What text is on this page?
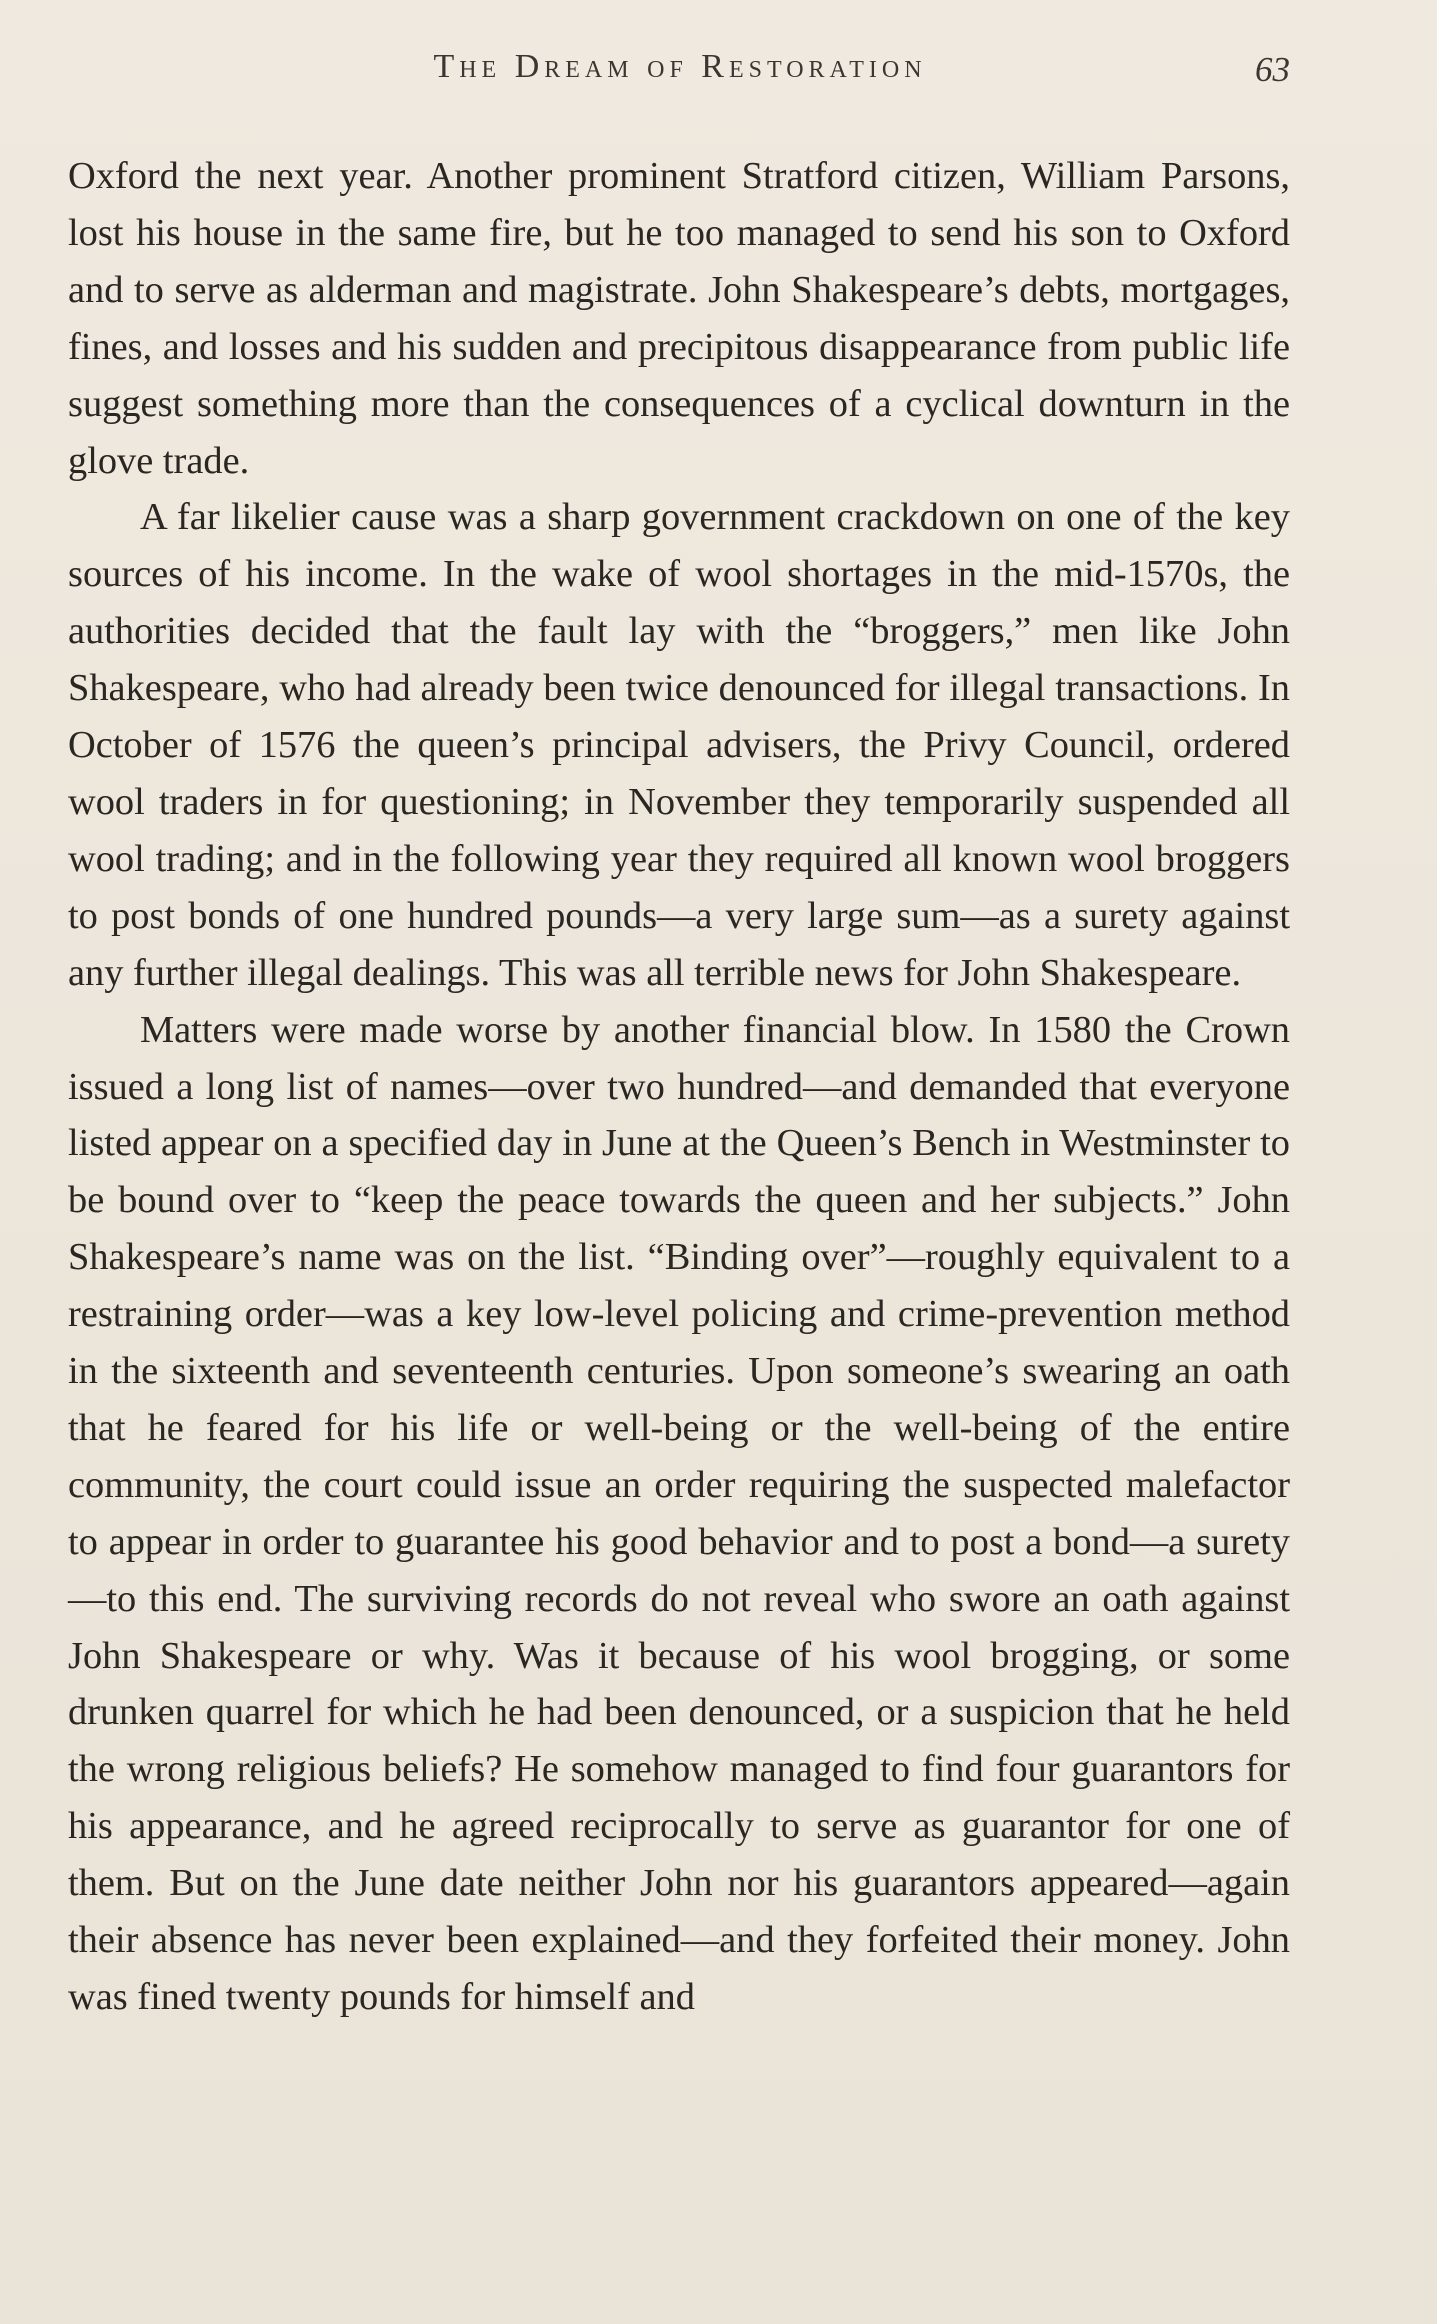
The Dream of Restoration	63

Oxford the next year. Another prominent Stratford citizen, William Parsons, lost his house in the same fire, but he too managed to send his son to Oxford and to serve as alderman and magistrate. John Shakespeare’s debts, mortgages, fines, and losses and his sudden and precipitous disappearance from public life suggest something more than the consequences of a cyclical downturn in the glove trade.

A far likelier cause was a sharp government crackdown on one of the key sources of his income. In the wake of wool shortages in the mid-1570s, the authorities decided that the fault lay with the “broggers,” men like John Shakespeare, who had already been twice denounced for illegal transactions. In October of 1576 the queen’s principal advisers, the Privy Council, ordered wool traders in for questioning; in November they temporarily suspended all wool trading; and in the following year they required all known wool broggers to post bonds of one hundred pounds—a very large sum—as a surety against any further illegal dealings. This was all terrible news for John Shakespeare.

Matters were made worse by another financial blow. In 1580 the Crown issued a long list of names—over two hundred—and demanded that everyone listed appear on a specified day in June at the Queen’s Bench in Westminster to be bound over to “keep the peace towards the queen and her subjects.” John Shakespeare’s name was on the list. “Binding over”—roughly equivalent to a restraining order—was a key low-level policing and crime-prevention method in the sixteenth and seventeenth centuries. Upon someone’s swearing an oath that he feared for his life or well-being or the well-being of the entire community, the court could issue an order requiring the suspected malefactor to appear in order to guarantee his good behavior and to post a bond—a surety—to this end. The surviving records do not reveal who swore an oath against John Shakespeare or why. Was it because of his wool brogging, or some drunken quarrel for which he had been denounced, or a suspicion that he held the wrong religious beliefs? He somehow managed to find four guarantors for his appearance, and he agreed reciprocally to serve as guarantor for one of them. But on the June date neither John nor his guarantors appeared—again their absence has never been explained—and they forfeited their money. John was fined twenty pounds for himself and
